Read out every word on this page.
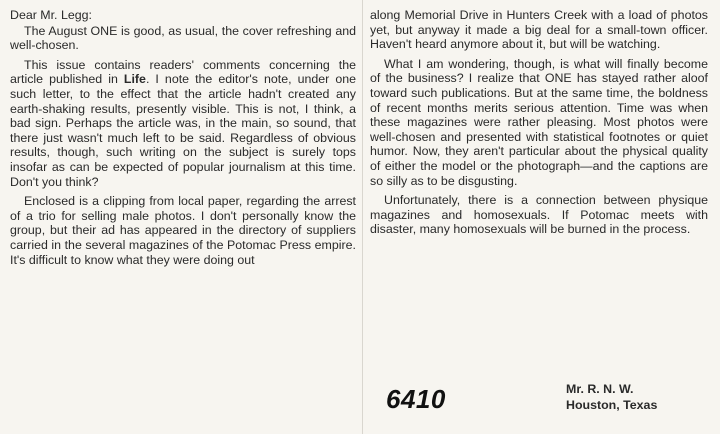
Dear Mr. Legg:

The August ONE is good, as usual, the cover refreshing and well-chosen.

This issue contains readers' comments concerning the article published in Life. I note the editor's note, under one such letter, to the effect that the article hadn't created any earth-shaking results, presently visible. This is not, I think, a bad sign. Perhaps the article was, in the main, so sound, that there just wasn't much left to be said. Regardless of obvious results, though, such writing on the subject is surely tops insofar as can be expected of popular journalism at this time. Don't you think?

Enclosed is a clipping from local paper, regarding the arrest of a trio for selling male photos. I don't personally know the group, but their ad has appeared in the directory of suppliers carried in the several magazines of the Potomac Press empire. It's difficult to know what they were doing out

along Memorial Drive in Hunters Creek with a load of photos yet, but anyway it made a big deal for a small-town officer. Haven't heard anymore about it, but will be watching.

What I am wondering, though, is what will finally become of the business? I realize that ONE has stayed rather aloof toward such publications. But at the same time, the boldness of recent months merits serious attention. Time was when these magazines were rather pleasing. Most photos were well-chosen and presented with statistical footnotes or quiet humor. Now, they aren't particular about the physical quality of either the model or the photograph—and the captions are so silly as to be disgusting.

Unfortunately, there is a connection between physique magazines and homosexuals. If Potomac meets with disaster, many homosexuals will be burned in the process.

6410	Mr. R. N. W.
Houston, Texas
